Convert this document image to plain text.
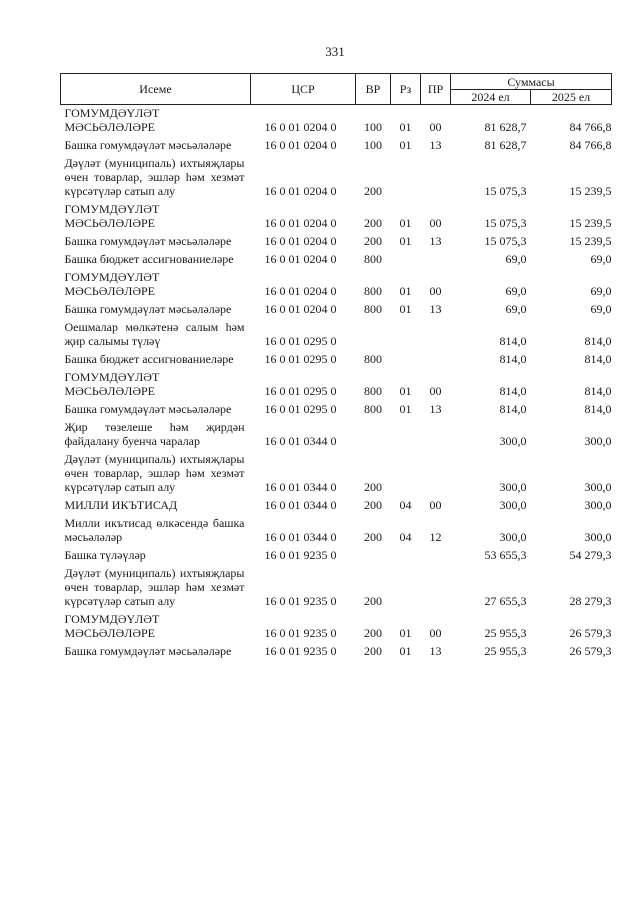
331
Исеме	ЦСР	ВР	Рз	ПР	Суммасы	
					2024 ел	2025 ел
ГОМУМДӘҮЛӘТ МӘСЬӘЛӘЛӘРЕ	16 0 01 0204 0	100	01	00	81 628,7	84 766,8
Башка гомумдәүләт мәсьәләләре	16 0 01 0204 0	100	01	13	81 628,7	84 766,8
Дәүләт (муниципаль) ихтыяҗлары өчен товарлар, эшләр һәм хезмәт күрсәтүләр сатып алу	16 0 01 0204 0	200			15 075,3	15 239,5
ГОМУМДӘҮЛӘТ МӘСЬӘЛӘЛӘРЕ	16 0 01 0204 0	200	01	00	15 075,3	15 239,5
Башка гомумдәүләт мәсьәләләре	16 0 01 0204 0	200	01	13	15 075,3	15 239,5
Башка бюджет ассигнованиеләре	16 0 01 0204 0	800			69,0	69,0
ГОМУМДӘҮЛӘТ МӘСЬӘЛӘЛӘРЕ	16 0 01 0204 0	800	01	00	69,0	69,0
Башка гомумдәүләт мәсьәләләре	16 0 01 0204 0	800	01	13	69,0	69,0
Оешмалар мөлкәтенә салым һәм җир салымы түләү	16 0 01 0295 0				814,0	814,0
Башка бюджет ассигнованиеләре	16 0 01 0295 0	800			814,0	814,0
ГОМУМДӘҮЛӘТ МӘСЬӘЛӘЛӘРЕ	16 0 01 0295 0	800	01	00	814,0	814,0
Башка гомумдәүләт мәсьәләләре	16 0 01 0295 0	800	01	13	814,0	814,0
Җир төзелеше һәм җирдән файдалану буенча чаралар	16 0 01 0344 0				300,0	300,0
Дәүләт (муниципаль) ихтыяҗлары өчен товарлар, эшләр һәм хезмәт күрсәтүләр сатып алу	16 0 01 0344 0	200			300,0	300,0
МИЛЛИ ИКЪТИСАД	16 0 01 0344 0	200	04	00	300,0	300,0
Милли икътисад өлкәсендә башка мәсьәләләр	16 0 01 0344 0	200	04	12	300,0	300,0
Башка түләүләр	16 0 01 9235 0				53 655,3	54 279,3
Дәүләт (муниципаль) ихтыяҗлары өчен товарлар, эшләр һәм хезмәт күрсәтүләр сатып алу	16 0 01 9235 0	200			27 655,3	28 279,3
ГОМУМДӘҮЛӘТ МӘСЬӘЛӘЛӘРЕ	16 0 01 9235 0	200	01	00	25 955,3	26 579,3
Башка гомумдәүләт мәсьәләләре	16 0 01 9235 0	200	01	13	25 955,3	26 579,3
